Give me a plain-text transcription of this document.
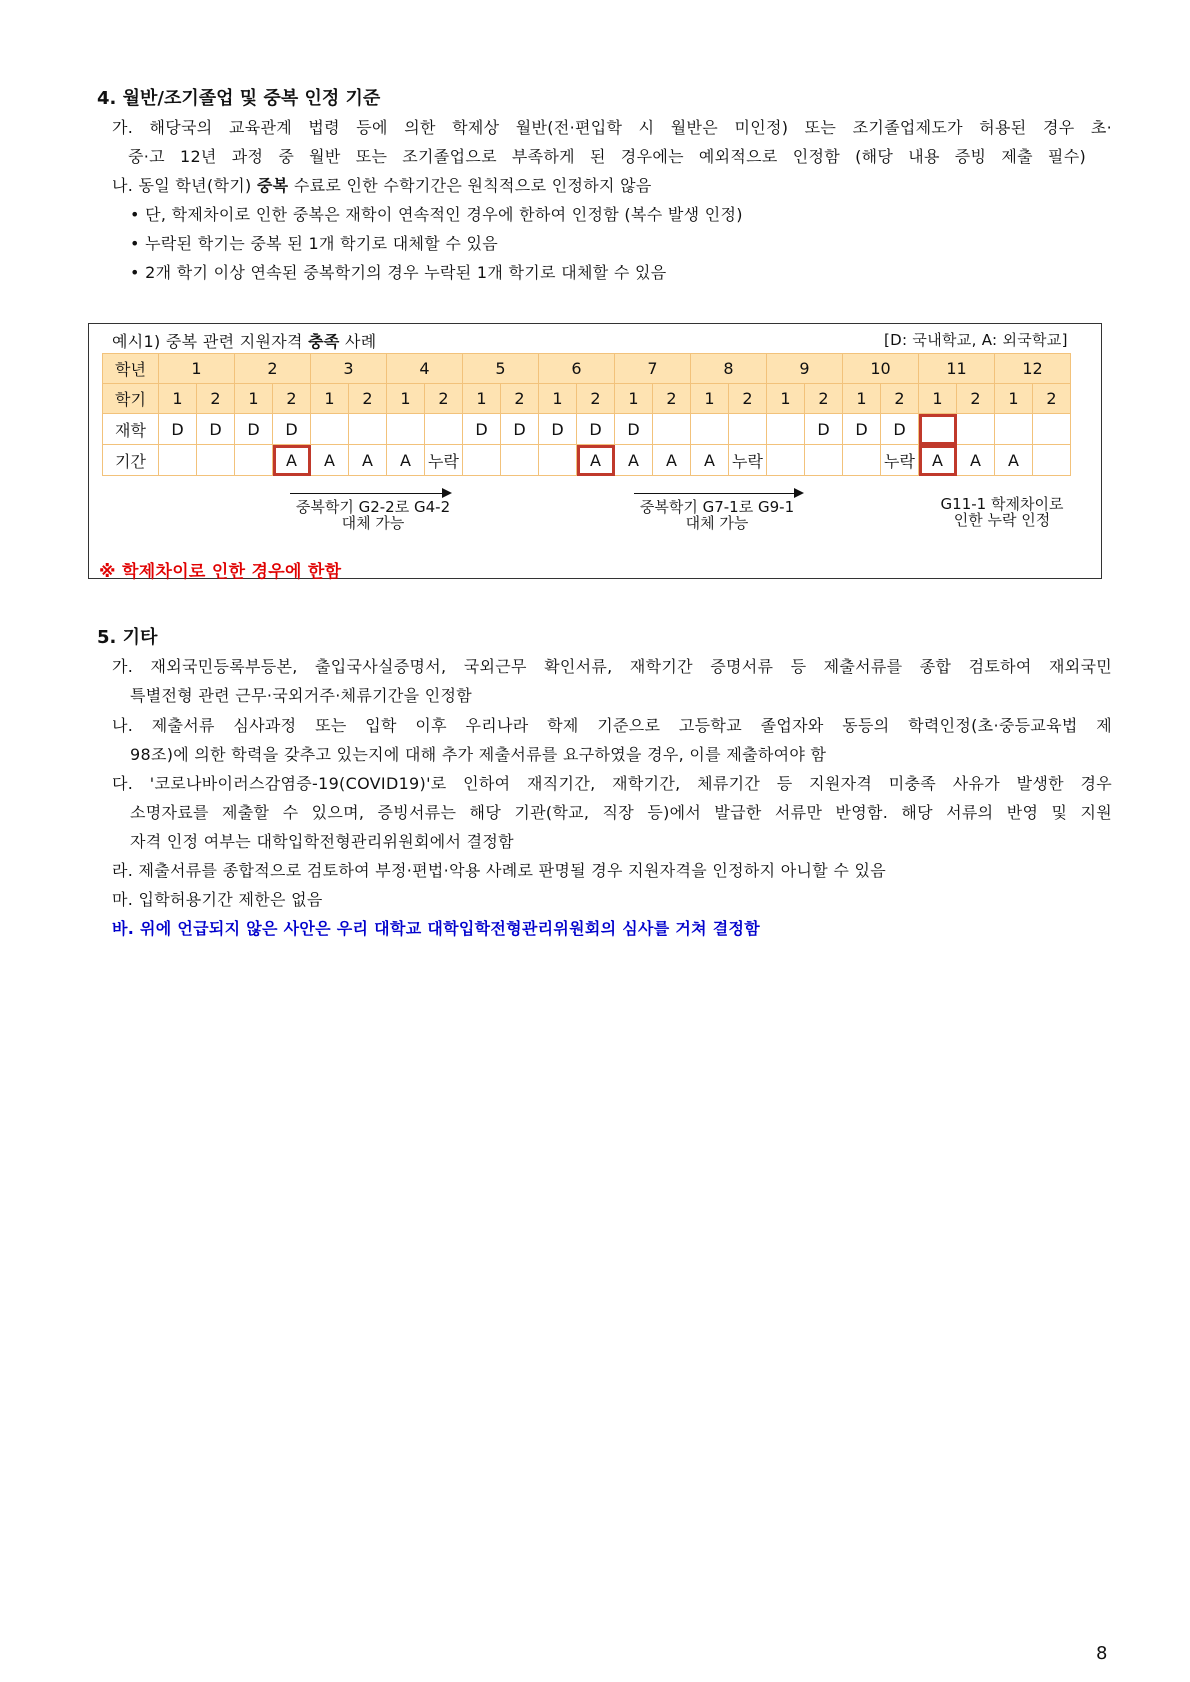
4. 월반/조기졸업 및 중복 인정 기준
가. 해당국의 교육관계 법령 등에 의한 학제상 월반(전·편입학 시 월반은 미인정) 또는 조기졸업제도가 허용된 경우 초·
중·고 12년 과정 중 월반 또는 조기졸업으로 부족하게 된 경우에는 예외적으로 인정함 (해당 내용 증빙 제출 필수)
나. 동일 학년(학기) 중복 수료로 인한 수학기간은 원칙적으로 인정하지 않음
• 단, 학제차이로 인한 중복은 재학이 연속적인 경우에 한하여 인정함 (복수 발생 인정)
• 누락된 학기는 중복 된 1개 학기로 대체할 수 있음
• 2개 학기 이상 연속된 중복학기의 경우 누락된 1개 학기로 대체할 수 있음
예시1) 중복 관련 지원자격 충족 사례	[D: 국내학교, A: 외국학교]
학년	1		2		3		4		5		6		7		8		9		10		11		12	
학기	1	2	1	2	1	2	1	2	1	2	1	2	1	2	1	2	1	2	1	2	1	2	1	2
재학	D	D	D	D					D	D	D	D	D					D	D	D				
기간				A	A	A	A	누락				A	A	A	A	누락				누락	A	A	A	
중복학기 G2-2로 G4-2
대체 가능
중복학기 G7-1로 G9-1
대체 가능
G11-1 학제차이로
인한 누락 인정
※ 학제차이로 인한 경우에 한함
5. 기타
가. 재외국민등록부등본, 출입국사실증명서, 국외근무 확인서류, 재학기간 증명서류 등 제출서류를 종합 검토하여 재외국민
특별전형 관련 근무·국외거주·체류기간을 인정함
나. 제출서류 심사과정 또는 입학 이후 우리나라 학제 기준으로 고등학교 졸업자와 동등의 학력인정(초·중등교육법 제
98조)에 의한 학력을 갖추고 있는지에 대해 추가 제출서류를 요구하였을 경우, 이를 제출하여야 함
다. '코로나바이러스감염증-19(COVID19)'로 인하여 재직기간, 재학기간, 체류기간 등 지원자격 미충족 사유가 발생한 경우
소명자료를 제출할 수 있으며, 증빙서류는 해당 기관(학교, 직장 등)에서 발급한 서류만 반영함. 해당 서류의 반영 및 지원
자격 인정 여부는 대학입학전형관리위원회에서 결정함
라. 제출서류를 종합적으로 검토하여 부정·편법·악용 사례로 판명될 경우 지원자격을 인정하지 아니할 수 있음
마. 입학허용기간 제한은 없음
바. 위에 언급되지 않은 사안은 우리 대학교 대학입학전형관리위원회의 심사를 거쳐 결정함
8
